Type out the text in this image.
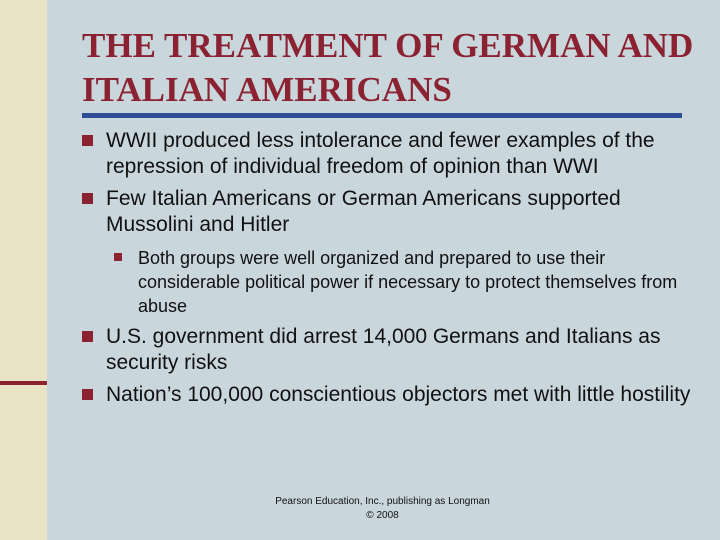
THE TREATMENT OF GERMAN AND ITALIAN AMERICANS
WWII produced less intolerance and fewer examples of the repression of individual freedom of opinion than WWI
Few Italian Americans or German Americans supported Mussolini and Hitler
Both groups were well organized and prepared to use their considerable political power if necessary to protect themselves from abuse
U.S. government did arrest 14,000 Germans and Italians as security risks
Nation’s 100,000 conscientious objectors met with little hostility
Pearson Education, Inc., publishing as Longman
© 2008
